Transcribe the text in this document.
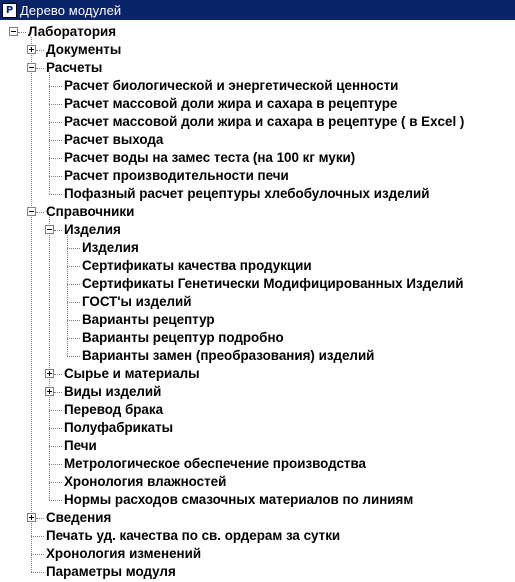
P Дерево модулей
Лаборатория
Документы
Расчеты
Расчет биологической и энергетической ценности
Расчет массовой доли жира и сахара в рецептуре
Расчет массовой доли жира и сахара в рецептуре ( в Excel )
Расчет выхода
Расчет воды на замес теста (на 100 кг муки)
Расчет производительности печи
Пофазный расчет рецептуры хлебобулочных изделий
Справочники
Изделия
Изделия
Сертификаты качества продукции
Сертификаты Генетически Модифицированных Изделий
ГОСТ'ы изделий
Варианты рецептур
Варианты рецептур подробно
Варианты замен (преобразования) изделий
Сырье и материалы
Виды изделий
Перевод брака
Полуфабрикаты
Печи
Метрологическое обеспечение производства
Хронология влажностей
Нормы расходов смазочных материалов по линиям
Сведения
Печать уд. качества по св. ордерам за сутки
Хронология изменений
Параметры модуля
